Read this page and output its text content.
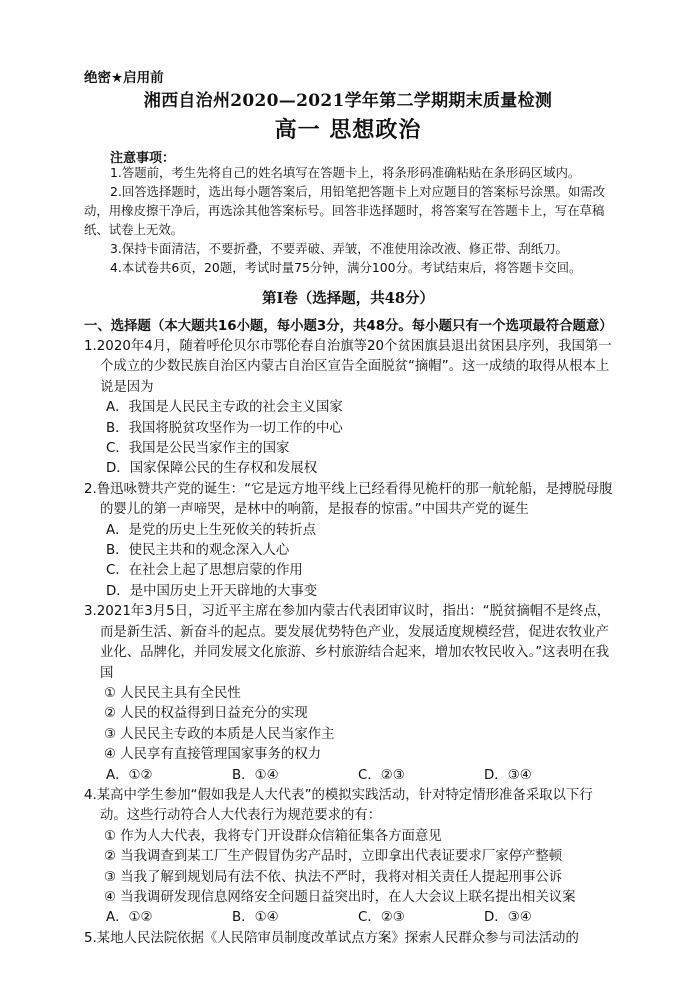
绝密★启用前
湘西自治州2020—2021学年第二学期期末质量检测
高一 思想政治
注意事项：

1.答题前，考生先将自己的姓名填写在答题卡上，将条形码准确粘贴在条形码区域内。

2.回答选择题时，选出每小题答案后，用铅笔把答题卡上对应题目的答案标号涂黑。如需改动，用橡皮擦干净后，再选涂其他答案标号。回答非选择题时，将答案写在答题卡上，写在草稿纸、试卷上无效。

3.保持卡面清洁，不要折叠，不要弄破、弄皱，不准使用涂改液、修正带、刮纸刀。

4.本试卷共6页，20题，考试时量75分钟，满分100分。考试结束后，将答题卡交回。

第Ⅰ卷（选择题，共48分）
一、选择题（本大题共16小题，每小题3分，共48分。每小题只有一个选项最符合题意）

1.2020年4月，随着呼伦贝尔市鄂伦春自治旗等20个贫困旗县退出贫困县序列，我国第一个成立的少数民族自治区内蒙古自治区宣告全面脱贫“摘帽”。这一成绩的取得从根本上说是因为

A．我国是人民民主专政的社会主义国家

B．我国将脱贫攻坚作为一切工作的中心

C．我国是公民当家作主的国家

D．国家保障公民的生存权和发展权

2.鲁迅咏赞共产党的诞生：“它是远方地平线上已经看得见桅杆的那一航轮船，是搏脱母腹的婴儿的第一声啼哭，是林中的响箭，是报春的惊雷。”中国共产党的诞生

A．是党的历史上生死攸关的转折点

B．使民主共和的观念深入人心

C．在社会上起了思想启蒙的作用

D．是中国历史上开天辟地的大事变

3.2021年3月5日，习近平主席在参加内蒙古代表团审议时，指出：“脱贫摘帽不是终点，而是新生活、新奋斗的起点。要发展优势特色产业，发展适度规模经营，促进农牧业产业化、品牌化，并同发展文化旅游、乡村旅游结合起来，增加农牧民收入。”这表明在我国

① 人民民主具有全民性

② 人民的权益得到日益充分的实现

③ 人民民主专政的本质是人民当家作主

④ 人民享有直接管理国家事务的权力

A．①②	B．①④	C．②③	D．③④

4.某高中学生参加“假如我是人大代表”的模拟实践活动，针对特定情形准备采取以下行动。这些行动符合人大代表行为规范要求的有：

① 作为人大代表，我将专门开设群众信箱征集各方面意见

② 当我调查到某工厂生产假冒伪劣产品时，立即拿出代表证要求厂家停产整顿

③ 当我了解到规划局有法不依、执法不严时，我将对相关责任人提起刑事公诉

④ 当我调研发现信息网络安全问题日益突出时，在人大会议上联名提出相关议案

A．①②	B．①④	C．②③	D．③④

5.某地人民法院依据《人民陪审员制度改革试点方案》探索人民群众参与司法活动的
